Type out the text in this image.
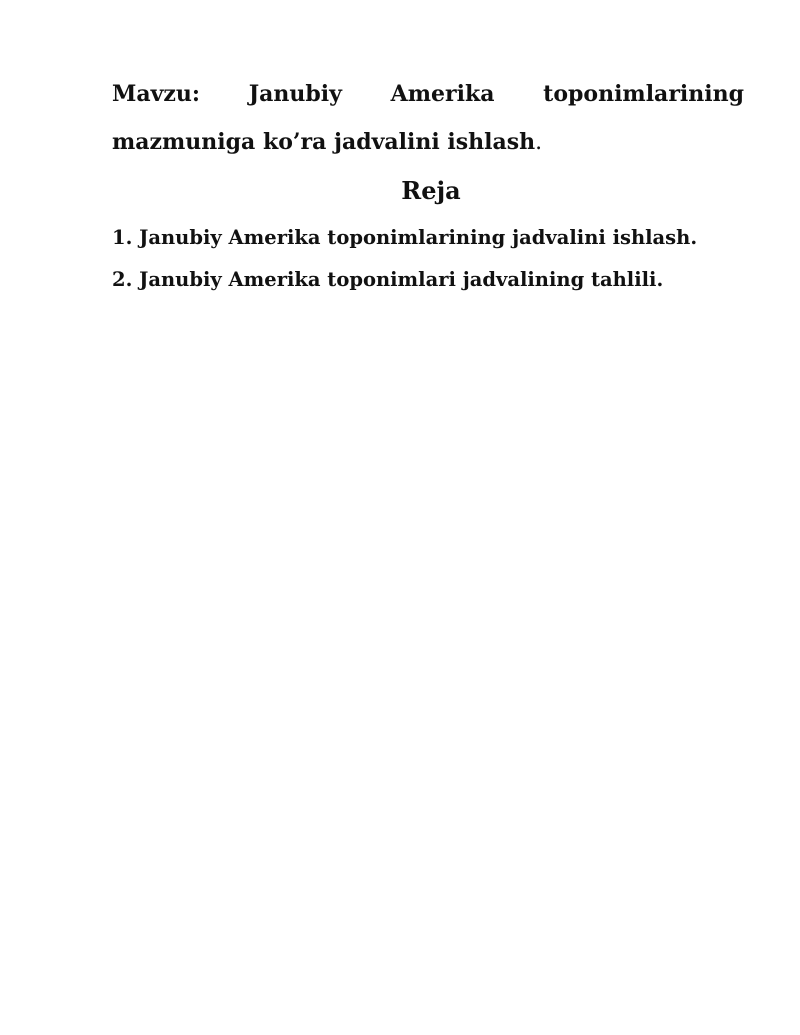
Mavzu: Janubiy Amerika toponimlarining mazmuniga ko’ra jadvalini ishlash.

Reja
1. Janubiy Amerika toponimlarining jadvalini ishlash.
2. Janubiy Amerika toponimlari jadvalining tahlili.
